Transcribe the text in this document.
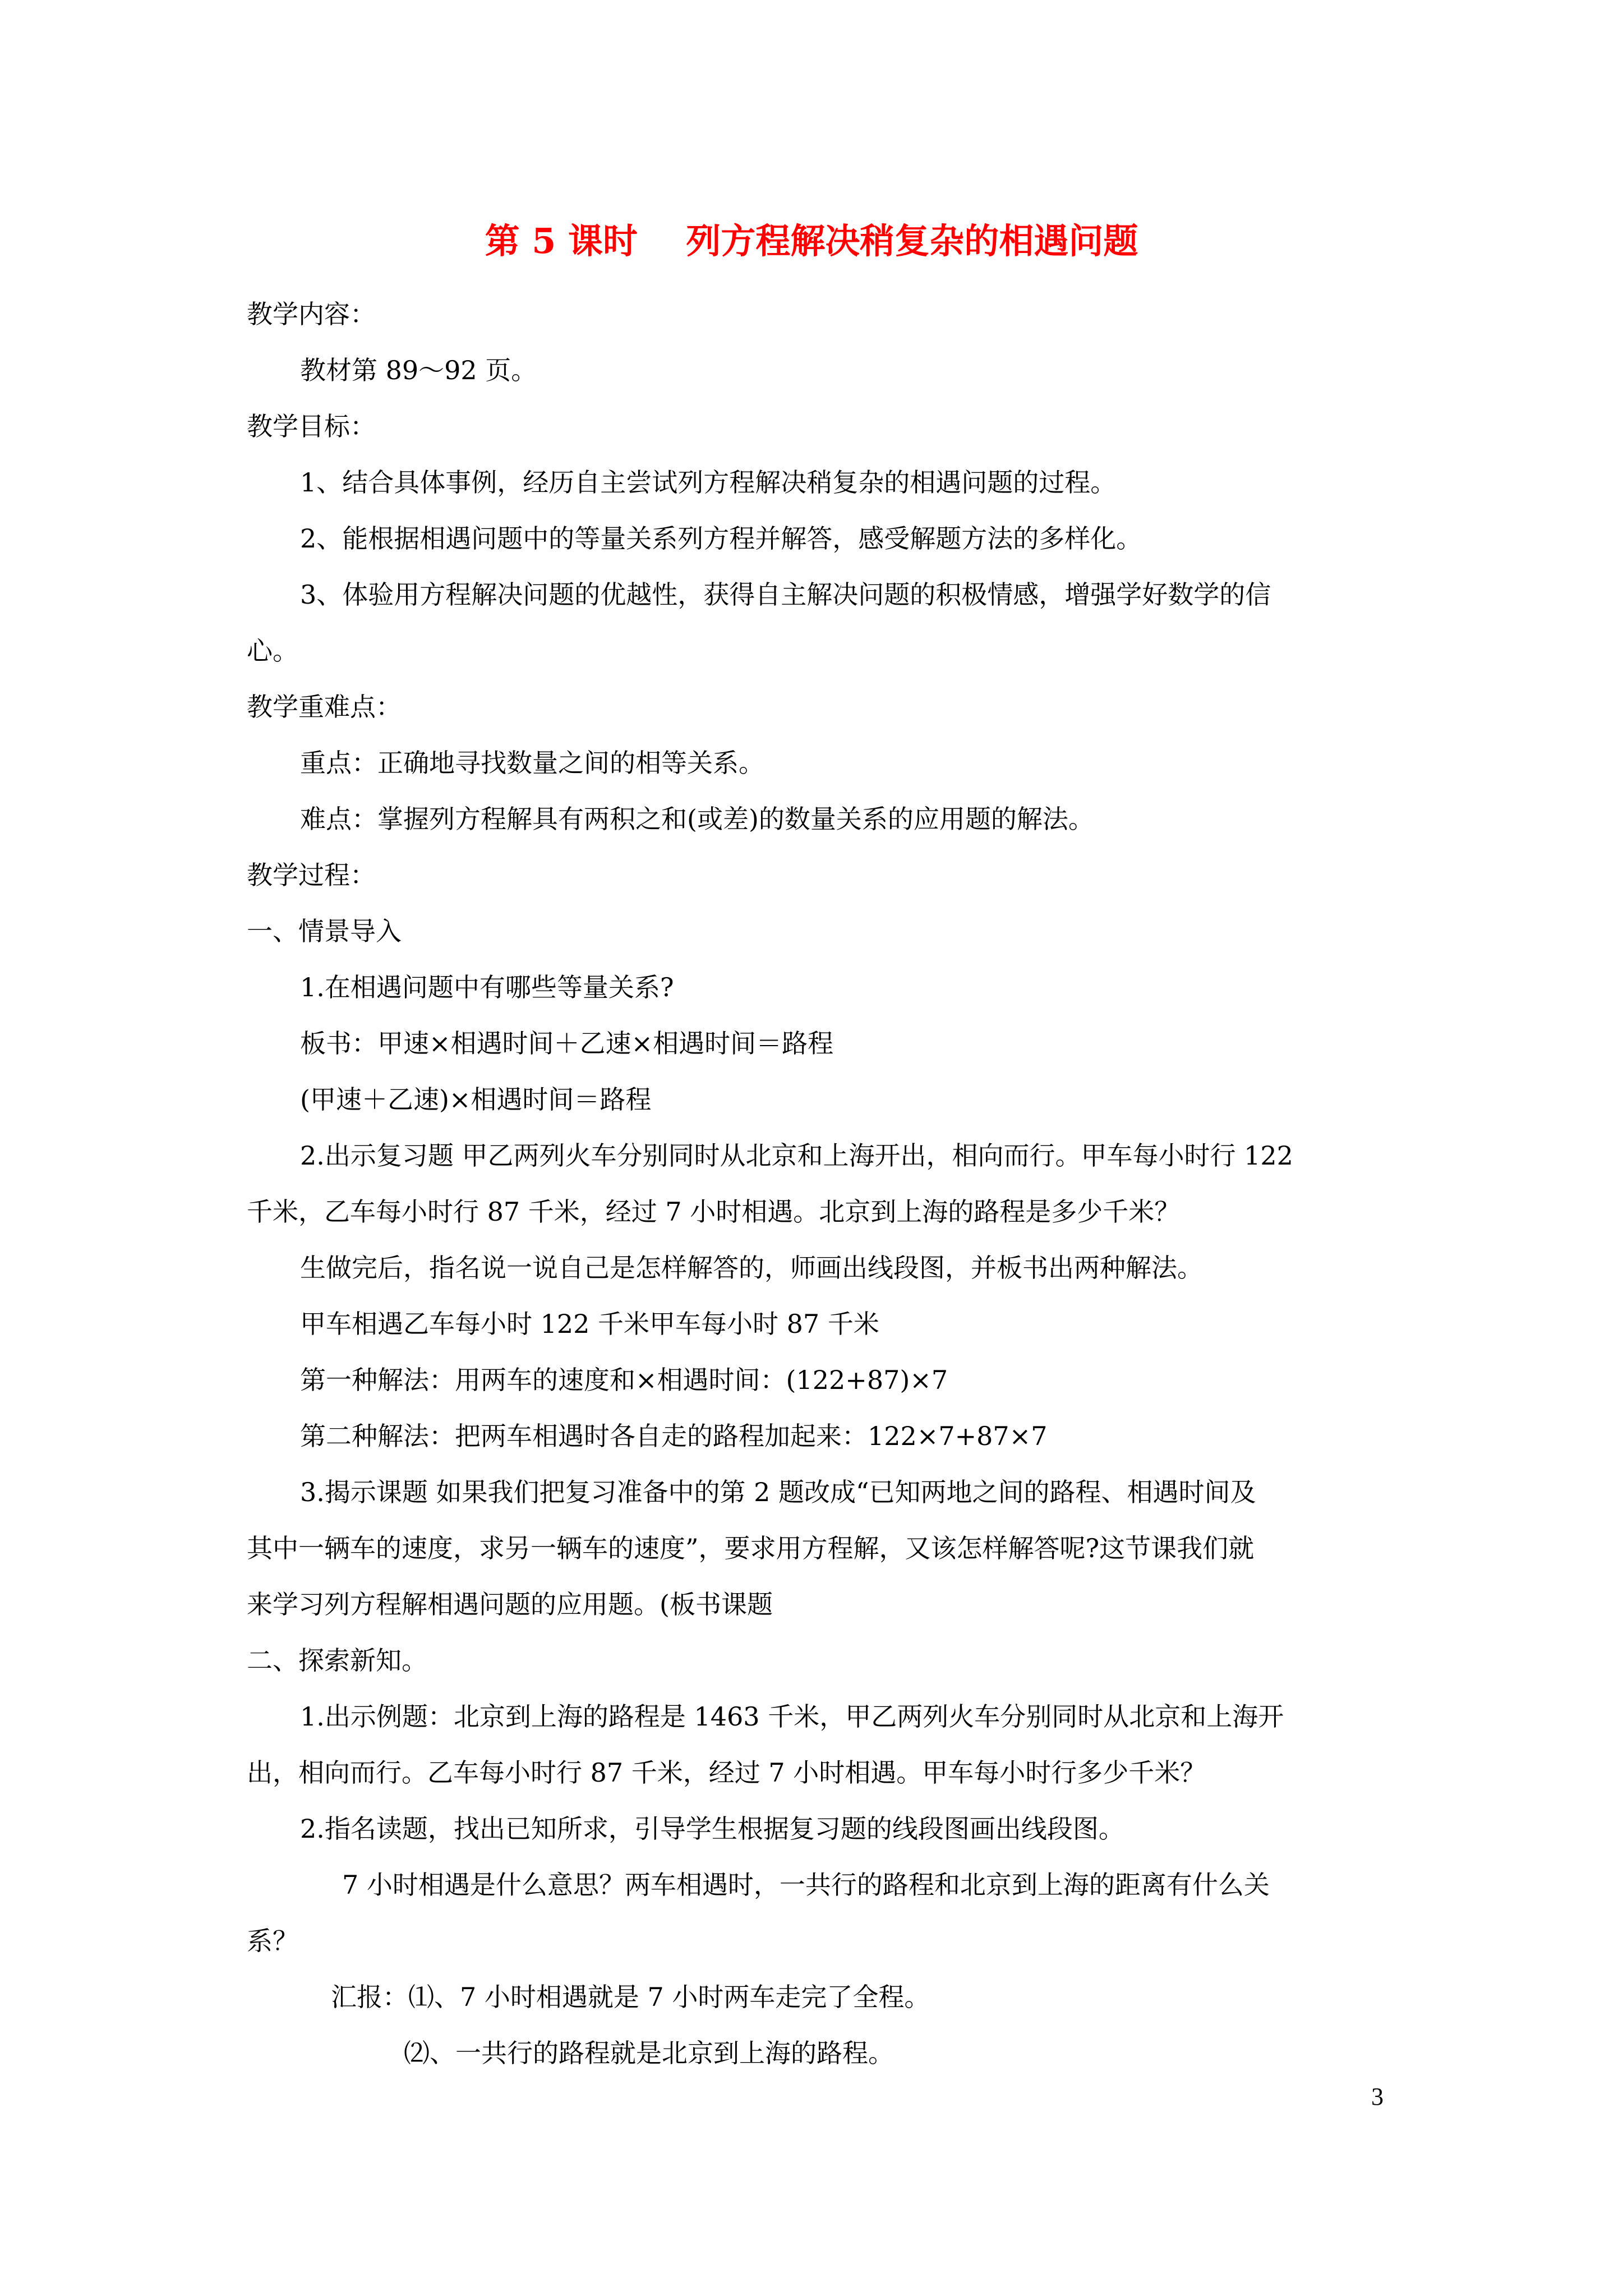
第 5 课时    列方程解决稍复杂的相遇问题
教学内容：
教材第 89～92 页。
教学目标：
1、结合具体事例，经历自主尝试列方程解决稍复杂的相遇问题的过程。
2、能根据相遇问题中的等量关系列方程并解答，感受解题方法的多样化。
3、体验用方程解决问题的优越性，获得自主解决问题的积极情感，增强学好数学的信
心。
教学重难点：
重点：正确地寻找数量之间的相等关系。
难点：掌握列方程解具有两积之和(或差)的数量关系的应用题的解法。
教学过程：
一、情景导入
1.在相遇问题中有哪些等量关系?
板书：甲速×相遇时间＋乙速×相遇时间＝路程
(甲速＋乙速)×相遇时间＝路程
2.出示复习题 甲乙两列火车分别同时从北京和上海开出，相向而行。甲车每小时行 122
千米，乙车每小时行 87 千米，经过 7 小时相遇。北京到上海的路程是多少千米？
生做完后，指名说一说自己是怎样解答的，师画出线段图，并板书出两种解法。
甲车相遇乙车每小时 122 千米甲车每小时 87 千米
第一种解法：用两车的速度和×相遇时间：(122+87)×7
第二种解法：把两车相遇时各自走的路程加起来：122×7+87×7
3.揭示课题 如果我们把复习准备中的第 2 题改成“已知两地之间的路程、相遇时间及
其中一辆车的速度，求另一辆车的速度”，要求用方程解，又该怎样解答呢?这节课我们就
来学习列方程解相遇问题的应用题。(板书课题
二、探索新知。
1.出示例题：北京到上海的路程是 1463 千米，甲乙两列火车分别同时从北京和上海开
出，相向而行。乙车每小时行 87 千米，经过 7 小时相遇。甲车每小时行多少千米？
2.指名读题，找出已知所求，引导学生根据复习题的线段图画出线段图。
7 小时相遇是什么意思？两车相遇时，一共行的路程和北京到上海的距离有什么关
系？
汇报：⑴、7 小时相遇就是 7 小时两车走完了全程。
⑵、一共行的路程就是北京到上海的路程。
3
